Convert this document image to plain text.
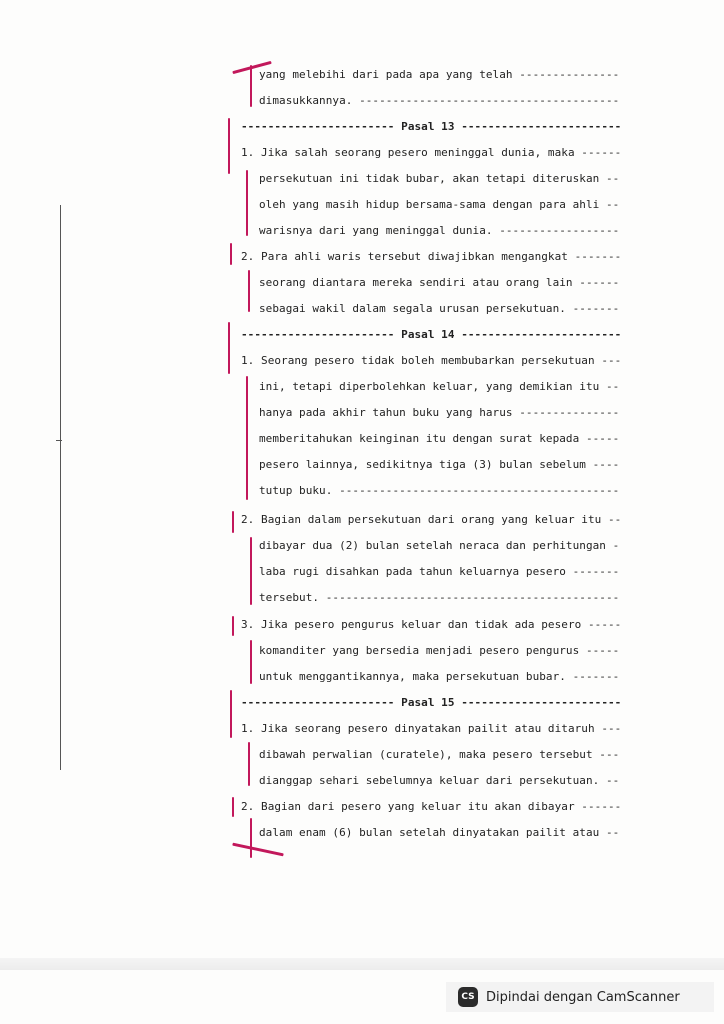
yang melebihi dari pada apa yang telah ---------------
dimasukkannya. ---------------------------------------
----------------------- Pasal 13 ------------------------
1. Jika salah seorang pesero meninggal dunia, maka ------
persekutuan ini tidak bubar, akan tetapi diteruskan --
oleh yang masih hidup bersama-sama dengan para ahli --
warisnya dari yang meninggal dunia. ------------------
2. Para ahli waris tersebut diwajibkan mengangkat -------
seorang diantara mereka sendiri atau orang lain ------
sebagai wakil dalam segala urusan persekutuan. -------
----------------------- Pasal 14 ------------------------
1. Seorang pesero tidak boleh membubarkan persekutuan ---
ini, tetapi diperbolehkan keluar, yang demikian itu --
hanya pada akhir tahun buku yang harus ---------------
memberitahukan keinginan itu dengan surat kepada -----
pesero lainnya, sedikitnya tiga (3) bulan sebelum ----
tutup buku. ------------------------------------------
2. Bagian dalam persekutuan dari orang yang keluar itu --
dibayar dua (2) bulan setelah neraca dan perhitungan -
laba rugi disahkan pada tahun keluarnya pesero -------
tersebut. --------------------------------------------
3. Jika pesero pengurus keluar dan tidak ada pesero -----
komanditer yang bersedia menjadi pesero pengurus -----
untuk menggantikannya, maka persekutuan bubar. -------
----------------------- Pasal 15 ------------------------
1. Jika seorang pesero dinyatakan pailit atau ditaruh ---
dibawah perwalian (curatele), maka pesero tersebut ---
dianggap sehari sebelumnya keluar dari persekutuan. --
2. Bagian dari pesero yang keluar itu akan dibayar ------
dalam enam (6) bulan setelah dinyatakan pailit atau --
CS Dipindai dengan CamScanner
